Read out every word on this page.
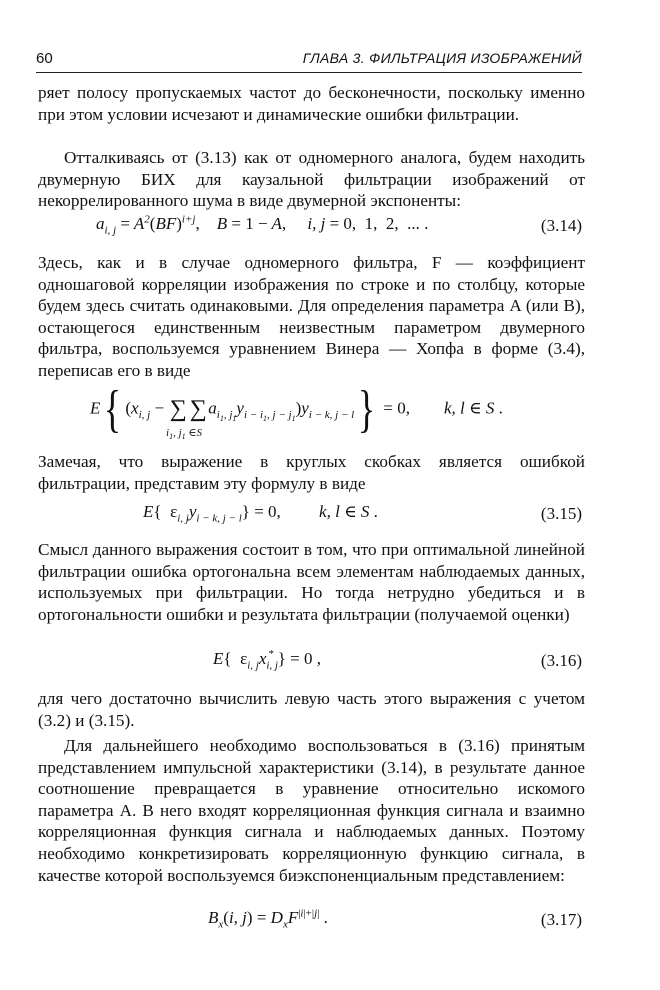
60	ГЛАВА 3. ФИЛЬТРАЦИЯ ИЗОБРАЖЕНИЙ

ряет полосу пропускаемых частот до бесконечности, поскольку именно при этом условии исчезают и динамические ошибки фильтрации.

Отталкиваясь от (3.13) как от одномерного аналога, будем находить двумерную БИХ для каузальной фильтрации изображений от некоррелированного шума в виде двумерной экспоненты:

$a_{i, j} = A^2(BF)^{i+j}$,    B = 1 − A,     i, j = 0,  1,  2,  ... .	(3.14)

Здесь, как и в случае одномерного фильтра, F — коэффициент одношаговой корреляции изображения по строке и по столбцу, которые будем здесь считать одинаковыми. Для определения параметра A (или B), остающегося единственным неизвестным параметром двумерного фильтра, воспользуемся уравнением Винера — Хопфа в форме (3.4), переписав его в виде

E{ ($x_{i, j}$ − ∑ $\sum a_{i_1, j_1}y_{i - i_1, j - j_1})y_{i - k, j - l}\} = 0$,        k, l ∈ S .
$i_1$, $j_1$ ∈S

Замечая, что выражение в круглых скобках является ошибкой фильтрации, представим эту формулу в виде

E{ $\varepsilon_{i, j}y_{i - k, j - l}\} = 0$,         k, l ∈ S .	(3.15)

Смысл данного выражения состоит в том, что при оптимальной линейной фильтрации ошибка ортогональна всем элементам наблюдаемых данных, используемых при фильтрации. Но тогда нетрудно убедиться и в ортогональности ошибки и результата фильтрации (получаемой оценки)

E{ $\varepsilon_{i, j}x_{i, j}^*$ } = 0 ,	(3.16)

для чего достаточно вычислить левую часть этого выражения с учетом (3.2) и (3.15).

Для дальнейшего необходимо воспользоваться в (3.16) принятым представлением импульсной характеристики (3.14), в результате данное соотношение превращается в уравнение относительно искомого параметра A. В него входят корреляционная функция сигнала и взаимно корреляционная функция сигнала и наблюдаемых данных. Поэтому необходимо конкретизировать корреляционную функцию сигнала, в качестве которой воспользуемся биэкспоненциальным представлением:

$B_x(i$, $j) = D_xF^{|i|+|j|}$ .	(3.17)
